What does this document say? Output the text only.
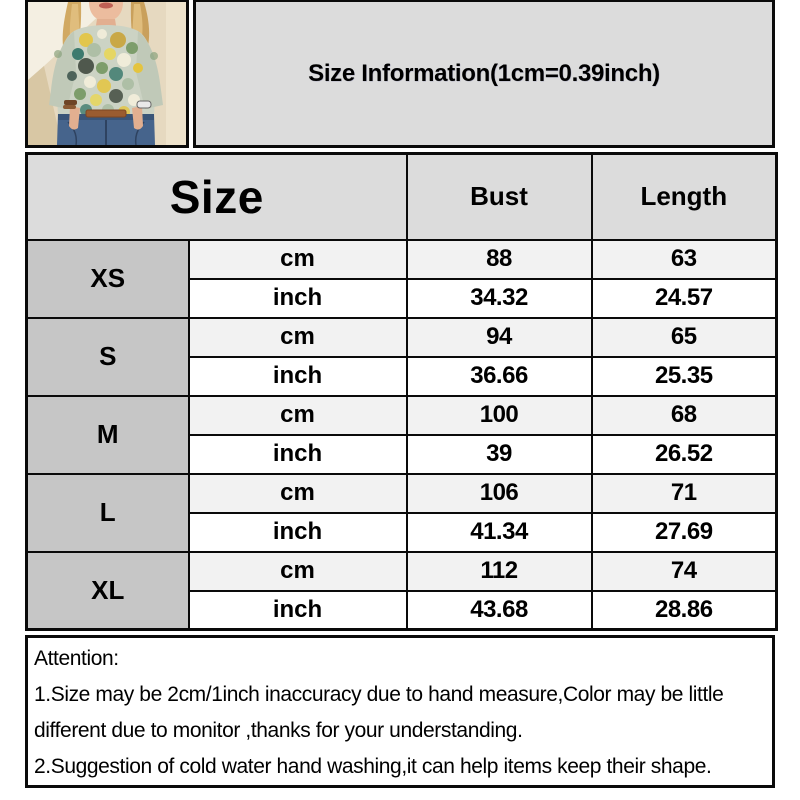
Size Information(1cm=0.39inch)
Size		Bust	Length
XS	cm	88	63
	inch	34.32	24.57
S	cm	94	65
	inch	36.66	25.35
M	cm	100	68
	inch	39	26.52
L	cm	106	71
	inch	41.34	27.69
XL	cm	112	74
	inch	43.68	28.86
Attention:
1.Size may be 2cm/1inch inaccuracy due to hand measure,Color may be little different due to monitor ,thanks for your understanding.
2.Suggestion of cold water hand washing,it can help items keep their shape.
